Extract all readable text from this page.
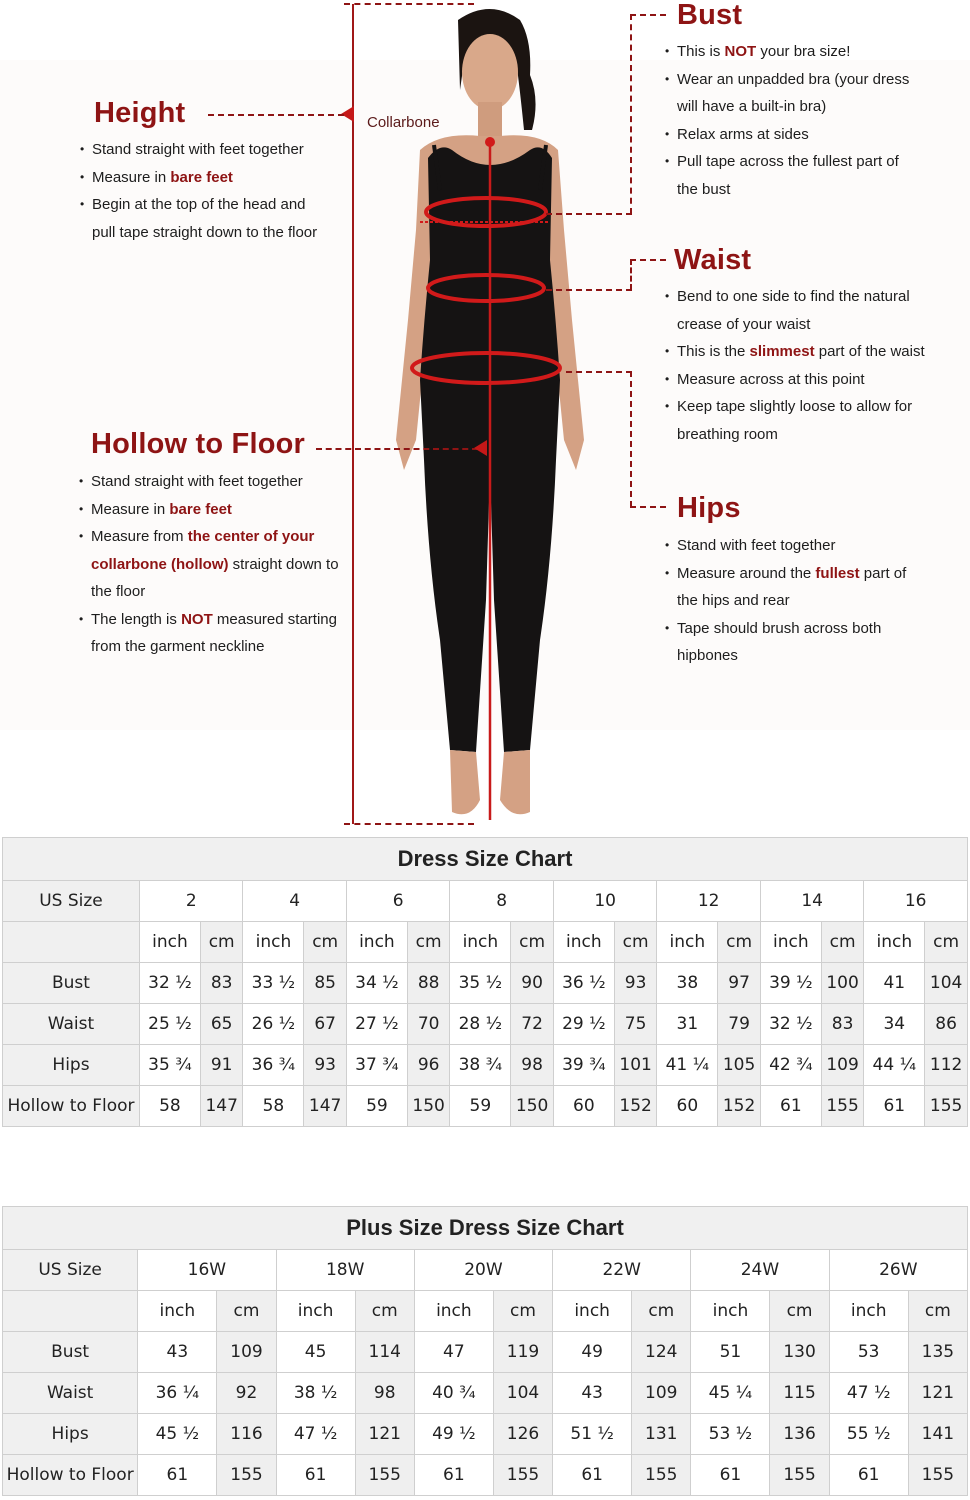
Collarbone
Height
• Stand straight with feet together
• Measure in bare feet
• Begin at the top of the head and pull tape straight down to the floor
Hollow to Floor
• Stand straight with feet together
• Measure in bare feet
• Measure from the center of your collarbone (hollow) straight down to the floor
• The length is NOT measured starting from the garment neckline
Bust
• This is NOT your bra size!
• Wear an unpadded bra (your dress will have a built-in bra)
• Relax arms at sides
• Pull tape across the fullest part of the bust
Waist
• Bend to one side to find the natural crease of your waist
• This is the slimmest part of the waist
• Measure across at this point
• Keep tape slightly loose to allow for breathing room
Hips
• Stand with feet together
• Measure around the fullest part of the hips and rear
• Tape should brush across both hipbones
Dress Size Chart																
US Size	2		4		6		8		10		12		14		16	
	inch	cm	inch	cm	inch	cm	inch	cm	inch	cm	inch	cm	inch	cm	inch	cm
Bust	32 ½	83	33 ½	85	34 ½	88	35 ½	90	36 ½	93	38	97	39 ½	100	41	104
Waist	25 ½	65	26 ½	67	27 ½	70	28 ½	72	29 ½	75	31	79	32 ½	83	34	86
Hips	35 ¾	91	36 ¾	93	37 ¾	96	38 ¾	98	39 ¾	101	41 ¼	105	42 ¾	109	44 ¼	112
Hollow to Floor	58	147	58	147	59	150	59	150	60	152	60	152	61	155	61	155
Plus Size Dress Size Chart												
US Size	16W		18W		20W		22W		24W		26W	
	inch	cm	inch	cm	inch	cm	inch	cm	inch	cm	inch	cm
Bust	43	109	45	114	47	119	49	124	51	130	53	135
Waist	36 ¼	92	38 ½	98	40 ¾	104	43	109	45 ¼	115	47 ½	121
Hips	45 ½	116	47 ½	121	49 ½	126	51 ½	131	53 ½	136	55 ½	141
Hollow to Floor	61	155	61	155	61	155	61	155	61	155	61	155
